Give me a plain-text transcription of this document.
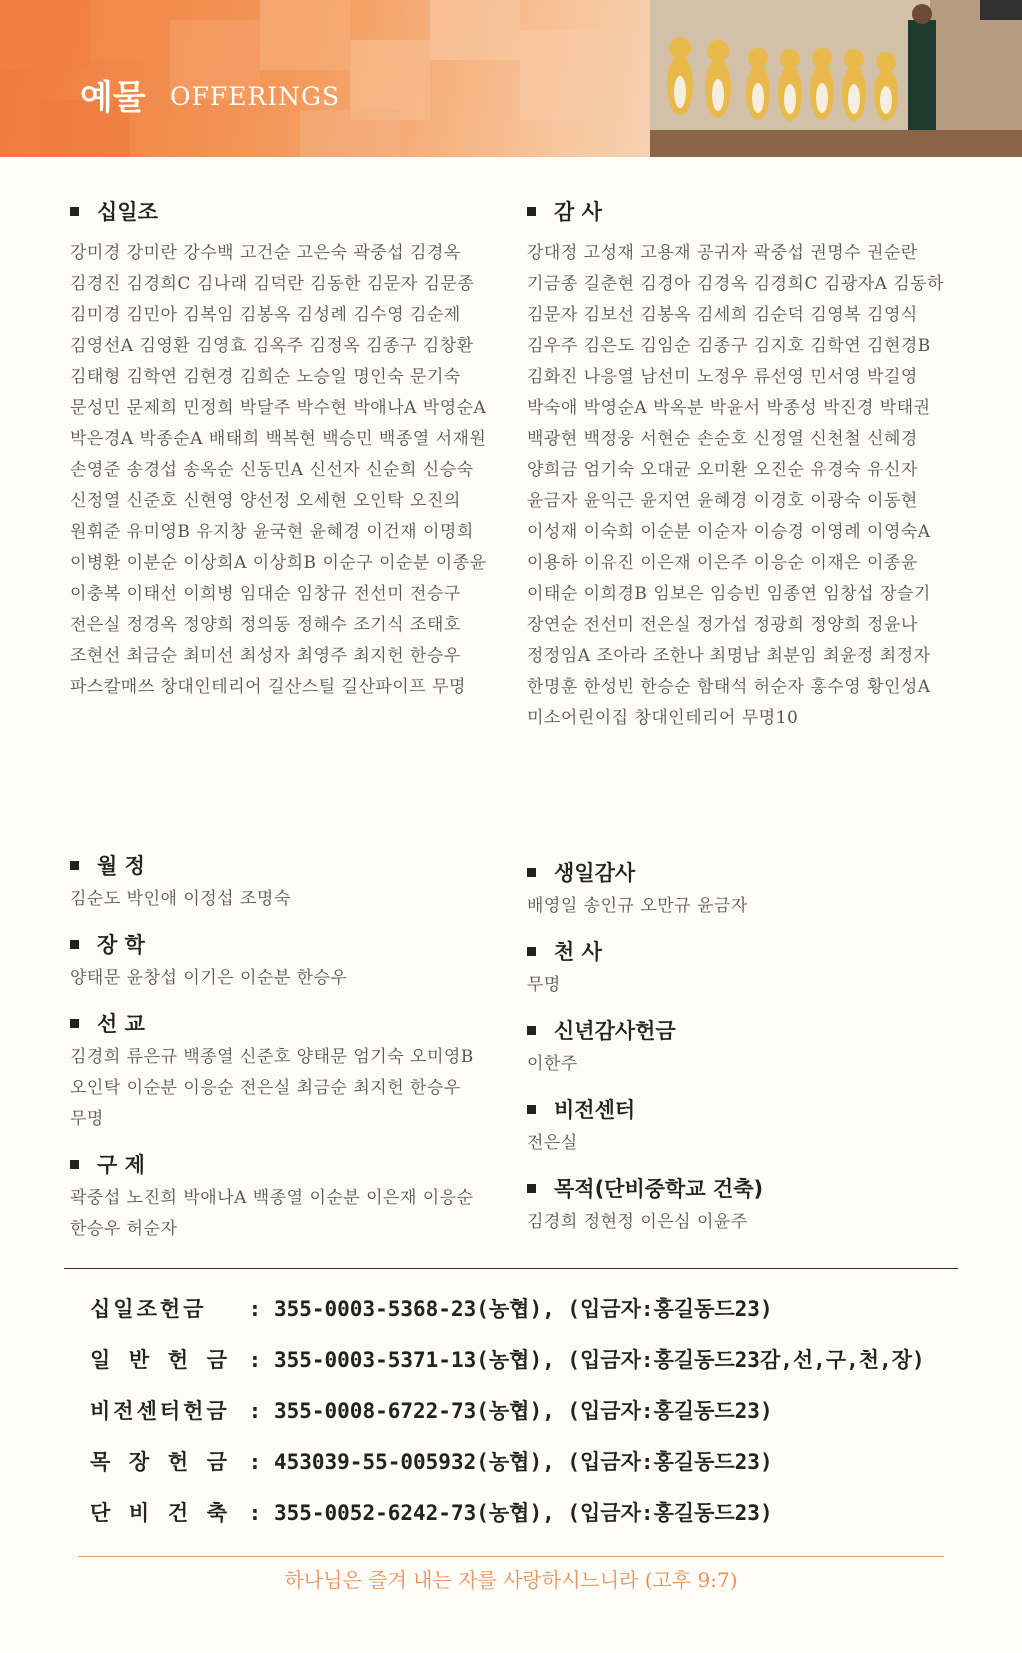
예물 OFFERINGS
십일조
강미경 강미란 강수백 고건순 고은숙 곽중섭 김경옥
김경진 김경희C 김나래 김덕란 김동한 김문자 김문종
김미경 김민아 김복임 김봉옥 김성례 김수영 김순제
김영선A 김영환 김영효 김옥주 김정옥 김종구 김창환
김태형 김학연 김현경 김희순 노승일 명인숙 문기숙
문성민 문제희 민정희 박달주 박수현 박애나A 박영순A
박은경A 박종순A 배태희 백복현 백승민 백종열 서재원
손영준 송경섭 송옥순 신동민A 신선자 신순희 신승숙
신정열 신준호 신현영 양선정 오세현 오인탁 오진의
원휘준 유미영B 유지창 윤국현 윤혜경 이건재 이명희
이병환 이분순 이상희A 이상희B 이순구 이순분 이종윤
이충복 이태선 이희병 임대순 임창규 전선미 전승구
전은실 정경옥 정양희 정의동 정해수 조기식 조태호
조현선 최금순 최미선 최성자 최영주 최지헌 한승우
파스칼매쓰 창대인테리어 길산스틸 길산파이프 무명
감 사
강대정 고성재 고용재 공귀자 곽중섭 권명수 권순란
기금종 길춘현 김경아 김경옥 김경희C 김광자A 김동하
김문자 김보선 김봉옥 김세희 김순덕 김영복 김영식
김우주 김은도 김임순 김종구 김지호 김학연 김현경B
김화진 나응열 남선미 노정우 류선영 민서영 박길영
박숙애 박영순A 박옥분 박윤서 박종성 박진경 박태권
백광현 백정웅 서현순 손순호 신정열 신천철 신혜경
양희금 엄기숙 오대균 오미환 오진순 유경숙 유신자
윤금자 윤익근 윤지연 윤혜경 이경호 이광숙 이동현
이성재 이숙희 이순분 이순자 이승경 이영례 이영숙A
이용하 이유진 이은재 이은주 이응순 이재은 이종윤
이태순 이희경B 임보은 임승빈 임종연 임창섭 장슬기
장연순 전선미 전은실 정가섭 정광희 정양희 정윤나
정정임A 조아라 조한나 최명남 최분임 최윤정 최정자
한명훈 한성빈 한승순 함태석 허순자 홍수영 황인성A
미소어린이집 창대인테리어 무명10
월 정
김순도 박인애 이정섭 조명숙
장 학
양태문 윤창섭 이기은 이순분 한승우
선 교
김경희 류은규 백종열 신준호 양태문 엄기숙 오미영B
오인탁 이순분 이응순 전은실 최금순 최지헌 한승우
무명
구 제
곽중섭 노진희 박애나A 백종열 이순분 이은재 이응순
한승우 허순자
생일감사
배영일 송인규 오만규 윤금자
천 사
무명
신년감사헌금
이한주
비전센터
전은실
목적(단비중학교 건축)
김경희 정현정 이은심 이윤주
십일조헌금 : 355-0003-5368-23(농협), (입금자:홍길동드23)
일 반 헌 금 : 355-0003-5371-13(농협), (입금자:홍길동드23감,선,구,천,장)
비전센터헌금 : 355-0008-6722-73(농협), (입금자:홍길동드23)
목 장 헌 금 : 453039-55-005932(농협), (입금자:홍길동드23)
단 비 건 축 : 355-0052-6242-73(농협), (입금자:홍길동드23)
하나님은 즐겨 내는 자를 사랑하시느니라 (고후 9:7)
